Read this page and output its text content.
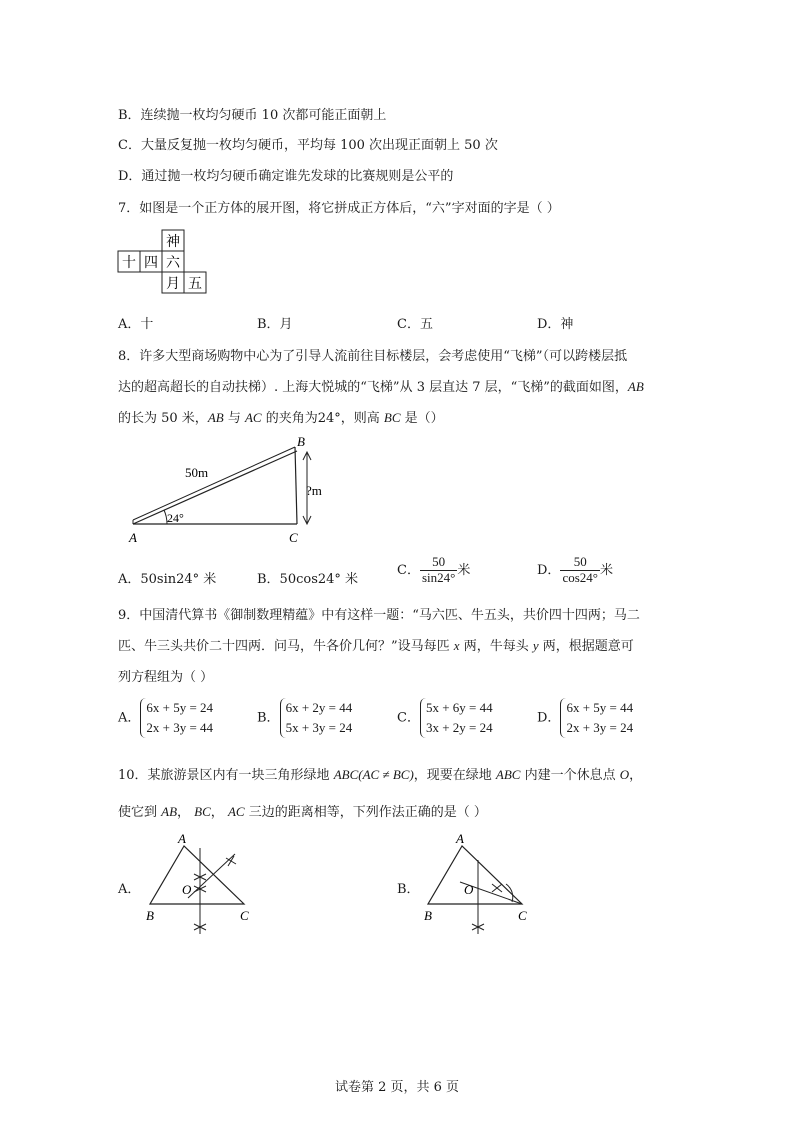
B．连续抛一枚均匀硬币 10 次都可能正面朝上
C．大量反复抛一枚均匀硬币，平均每 100 次出现正面朝上 50 次
D．通过抛一枚均匀硬币确定谁先发球的比赛规则是公平的
7．如图是一个正方体的展开图，将它拼成正方体后，“六”字对面的字是（ ）
神
十 四 六
月 五
A．十	B．月	C．五	D．神
8．许多大型商场购物中心为了引导人流前往目标楼层，会考虑使用“飞梯”（可以跨楼层抵
达的超高超长的自动扶梯）. 上海大悦城的“飞梯”从 3 层直达 7 层，“飞梯”的截面如图，AB
的长为 50 米，AB 与 AC 的夹角为24°，则高 BC 是（）
B
A	C
50m
?m
24°
A．50sin24° 米	B．50cos24° 米
C． $\frac{50}{\sin 24^\circ}$ 米	D． $\frac{50}{\cos 24^\circ}$ 米
9．中国清代算书《御制数理精蕴》中有这样一题：“马六匹、牛五头，共价四十四两；马二
匹、牛三头共价二十四两．问马，牛各价几何？”设马每匹 x 两，牛每头 y 两，根据题意可
列方程组为（ ）
A．
6x + 5y = 24
2x + 3y = 44
B．
6x + 2y = 44
5x + 3y = 24
C．
5x + 6y = 44
3x + 2y = 24
D．
6x + 5y = 44
2x + 3y = 24
10．某旅游景区内有一块三角形绿地 ABC(AC ≠ BC)，现要在绿地 ABC 内建一个休息点 O，
使它到 AB， BC， AC 三边的距离相等，下列作法正确的是（ ）
A．
A
B	C
O	B．
A
B	C
O
试卷第 2 页，共 6 页
